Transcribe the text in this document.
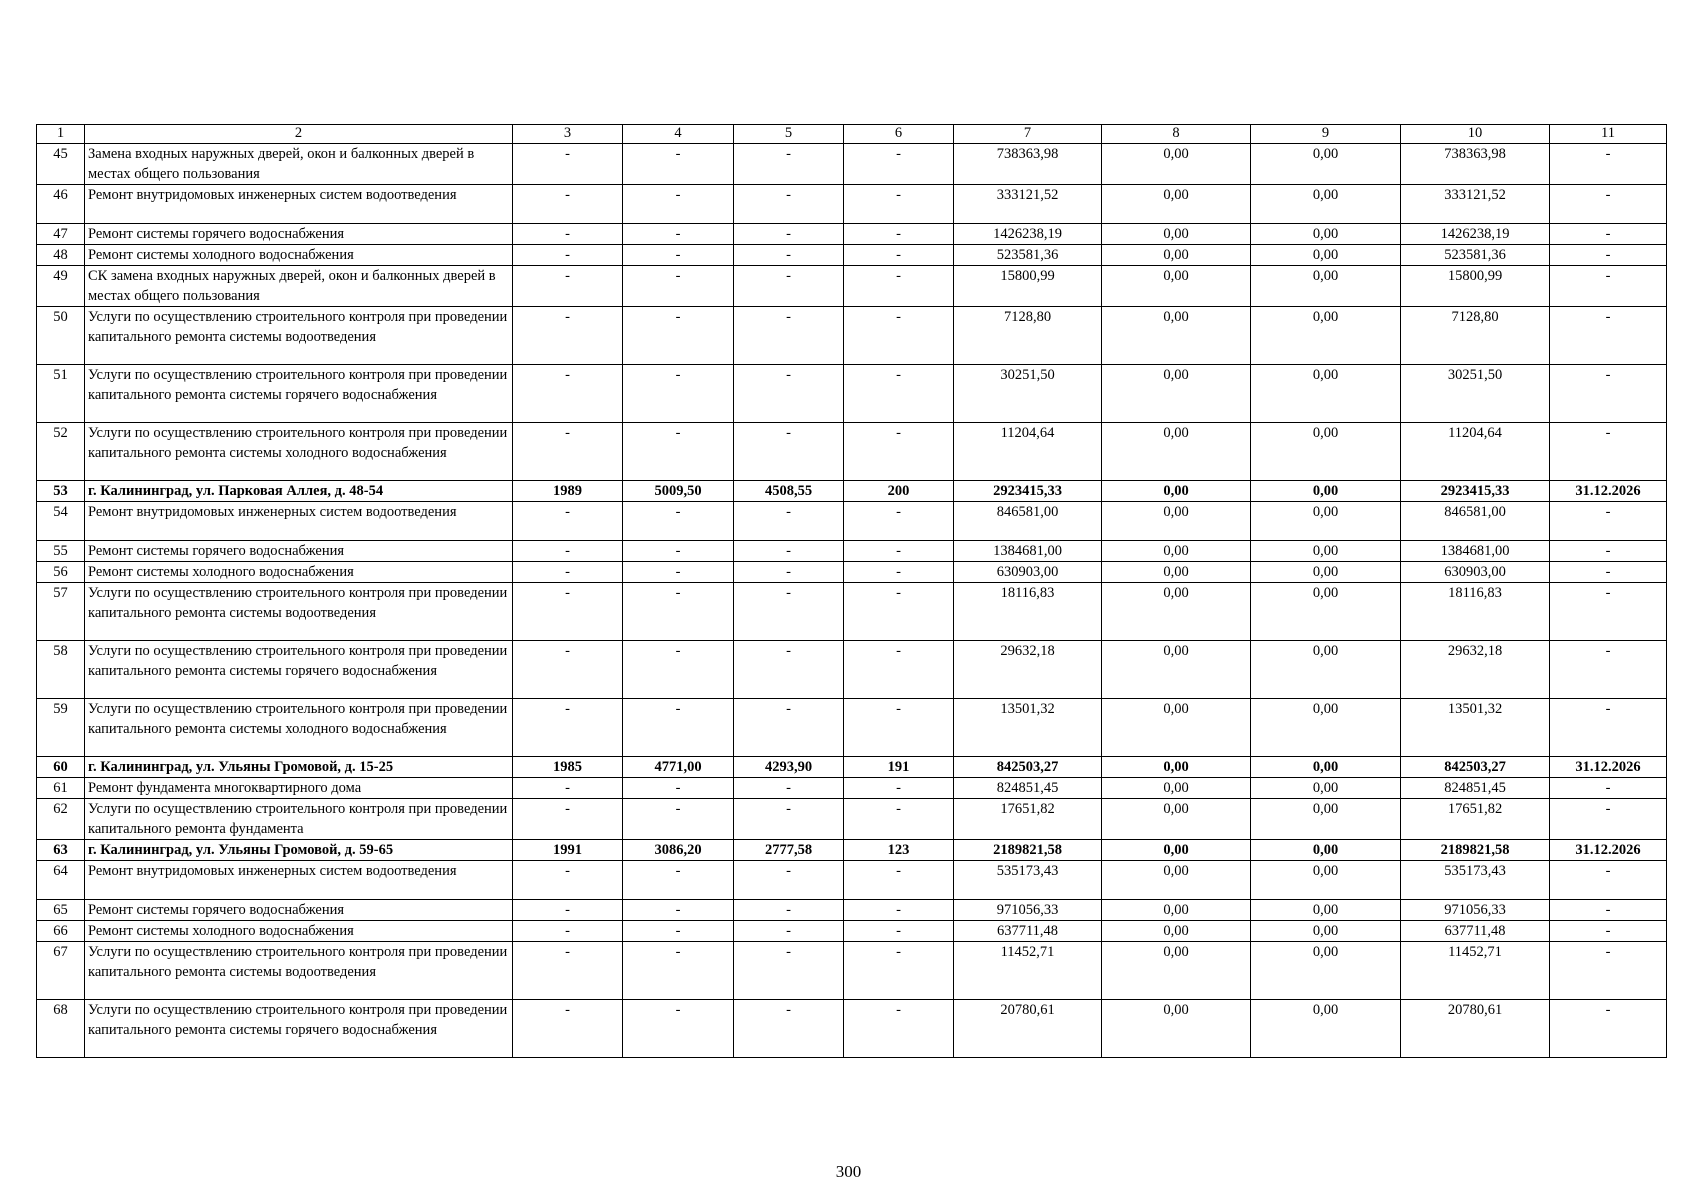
1	2	3	4	5	6	7	8	9	10	11
45	Замена входных наружных дверей, окон и балконных дверей в местах общего пользования	-	-	-	-	738363,98	0,00	0,00	738363,98	-
46	Ремонт внутридомовых инженерных систем водоотведения	-	-	-	-	333121,52	0,00	0,00	333121,52	-
47	Ремонт системы горячего водоснабжения	-	-	-	-	1426238,19	0,00	0,00	1426238,19	-
48	Ремонт системы холодного водоснабжения	-	-	-	-	523581,36	0,00	0,00	523581,36	-
49	СК замена входных наружных дверей, окон и балконных дверей в местах общего пользования	-	-	-	-	15800,99	0,00	0,00	15800,99	-
50	Услуги по осуществлению строительного контроля при проведении капитального ремонта системы водоотведения	-	-	-	-	7128,80	0,00	0,00	7128,80	-
51	Услуги по осуществлению строительного контроля при проведении капитального ремонта системы горячего водоснабжения	-	-	-	-	30251,50	0,00	0,00	30251,50	-
52	Услуги по осуществлению строительного контроля при проведении капитального ремонта системы холодного водоснабжения	-	-	-	-	11204,64	0,00	0,00	11204,64	-
53	г. Калининград, ул. Парковая Аллея, д. 48-54	1989	5009,50	4508,55	200	2923415,33	0,00	0,00	2923415,33	31.12.2026
54	Ремонт внутридомовых инженерных систем водоотведения	-	-	-	-	846581,00	0,00	0,00	846581,00	-
55	Ремонт системы горячего водоснабжения	-	-	-	-	1384681,00	0,00	0,00	1384681,00	-
56	Ремонт системы холодного водоснабжения	-	-	-	-	630903,00	0,00	0,00	630903,00	-
57	Услуги по осуществлению строительного контроля при проведении капитального ремонта системы водоотведения	-	-	-	-	18116,83	0,00	0,00	18116,83	-
58	Услуги по осуществлению строительного контроля при проведении капитального ремонта системы горячего водоснабжения	-	-	-	-	29632,18	0,00	0,00	29632,18	-
59	Услуги по осуществлению строительного контроля при проведении капитального ремонта системы холодного водоснабжения	-	-	-	-	13501,32	0,00	0,00	13501,32	-
60	г. Калининград, ул. Ульяны Громовой, д. 15-25	1985	4771,00	4293,90	191	842503,27	0,00	0,00	842503,27	31.12.2026
61	Ремонт фундамента многоквартирного дома	-	-	-	-	824851,45	0,00	0,00	824851,45	-
62	Услуги по осуществлению строительного контроля при проведении капитального ремонта фундамента	-	-	-	-	17651,82	0,00	0,00	17651,82	-
63	г. Калининград, ул. Ульяны Громовой, д. 59-65	1991	3086,20	2777,58	123	2189821,58	0,00	0,00	2189821,58	31.12.2026
64	Ремонт внутридомовых инженерных систем водоотведения	-	-	-	-	535173,43	0,00	0,00	535173,43	-
65	Ремонт системы горячего водоснабжения	-	-	-	-	971056,33	0,00	0,00	971056,33	-
66	Ремонт системы холодного водоснабжения	-	-	-	-	637711,48	0,00	0,00	637711,48	-
67	Услуги по осуществлению строительного контроля при проведении капитального ремонта системы водоотведения	-	-	-	-	11452,71	0,00	0,00	11452,71	-
68	Услуги по осуществлению строительного контроля при проведении капитального ремонта системы горячего водоснабжения	-	-	-	-	20780,61	0,00	0,00	20780,61	-
300
